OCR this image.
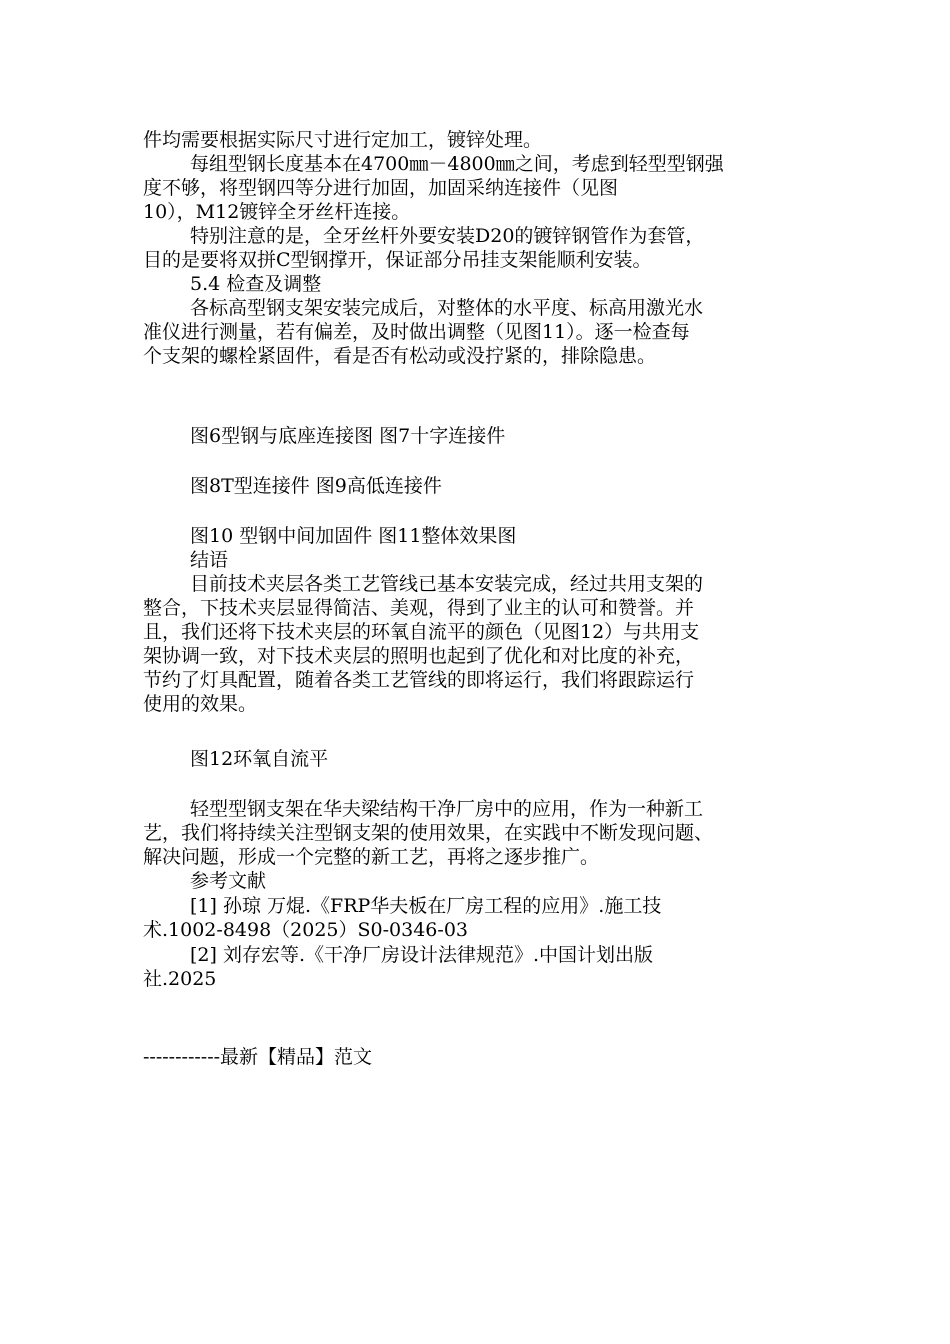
件均需要根据实际尺寸进行定加工，镀锌处理。
每组型钢长度基本在4700㎜－4800㎜之间，考虑到轻型型钢强
度不够，将型钢四等分进行加固，加固采纳连接件（见图
10），M12镀锌全牙丝杆连接。
特别注意的是，全牙丝杆外要安装D20的镀锌钢管作为套管，
目的是要将双拼C型钢撑开，保证部分吊挂支架能顺利安装。
5.4 检查及调整
各标高型钢支架安装完成后，对整体的水平度、标高用激光水
准仪进行测量，若有偏差，及时做出调整（见图11）。逐一检查每
个支架的螺栓紧固件，看是否有松动或没拧紧的，排除隐患。
图6型钢与底座连接图 图7十字连接件
图8T型连接件 图9高低连接件
图10 型钢中间加固件 图11整体效果图
结语
目前技术夹层各类工艺管线已基本安装完成，经过共用支架的
整合，下技术夹层显得简洁、美观，得到了业主的认可和赞誉。并
且，我们还将下技术夹层的环氧自流平的颜色（见图12）与共用支
架协调一致，对下技术夹层的照明也起到了优化和对比度的补充，
节约了灯具配置，随着各类工艺管线的即将运行，我们将跟踪运行
使用的效果。
图12环氧自流平
轻型型钢支架在华夫梁结构干净厂房中的应用，作为一种新工
艺，我们将持续关注型钢支架的使用效果，在实践中不断发现问题、
解决问题，形成一个完整的新工艺，再将之逐步推广。
参考文献
[1] 孙琼 万焜.《FRP华夫板在厂房工程的应用》.施工技
术.1002-8498（2025）S0-0346-03
[2] 刘存宏等.《干净厂房设计法律规范》.中国计划出版
社.2025
------------最新【精品】范文
